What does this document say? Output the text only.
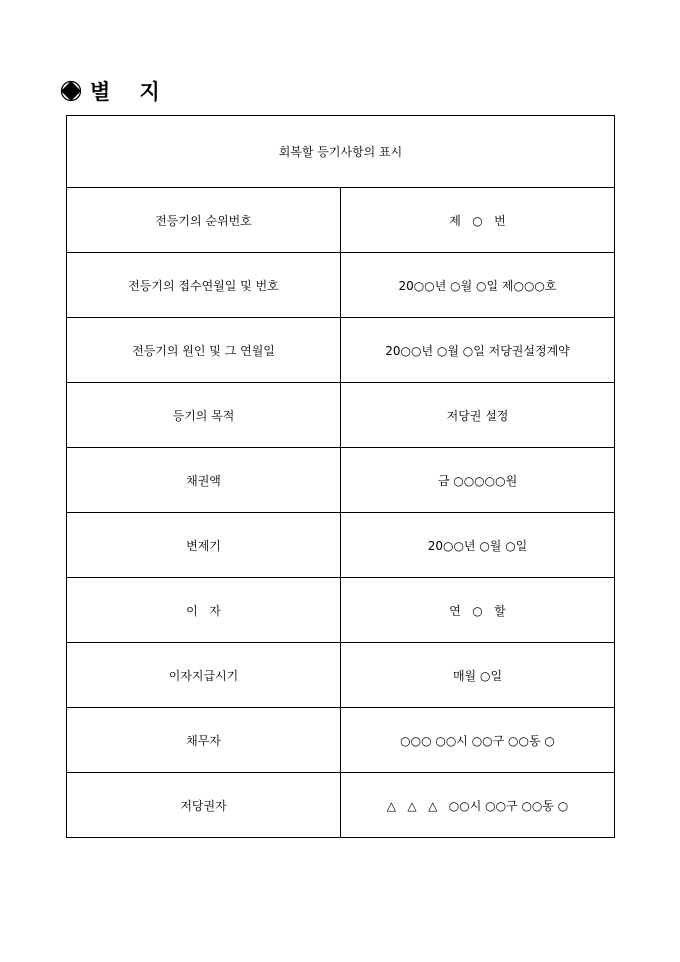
별    지
회복할 등기사항의 표시	
전등기의 순위번호	제   ○   번
전등기의 접수연월일 및 번호	20○○년 ○월 ○일 제○○○호
전등기의 원인 및 그 연월일	20○○년 ○월 ○일 저당권설정계약
등기의 목적	저당권 설정
채권액	금 ○○○○○원
변제기	20○○년 ○월 ○일
이   자	연   ○   할
이자지급시기	매월 ○일
채무자	○○○ ○○시 ○○구 ○○동 ○
저당권자	△   △   △   ○○시 ○○구 ○○동 ○
